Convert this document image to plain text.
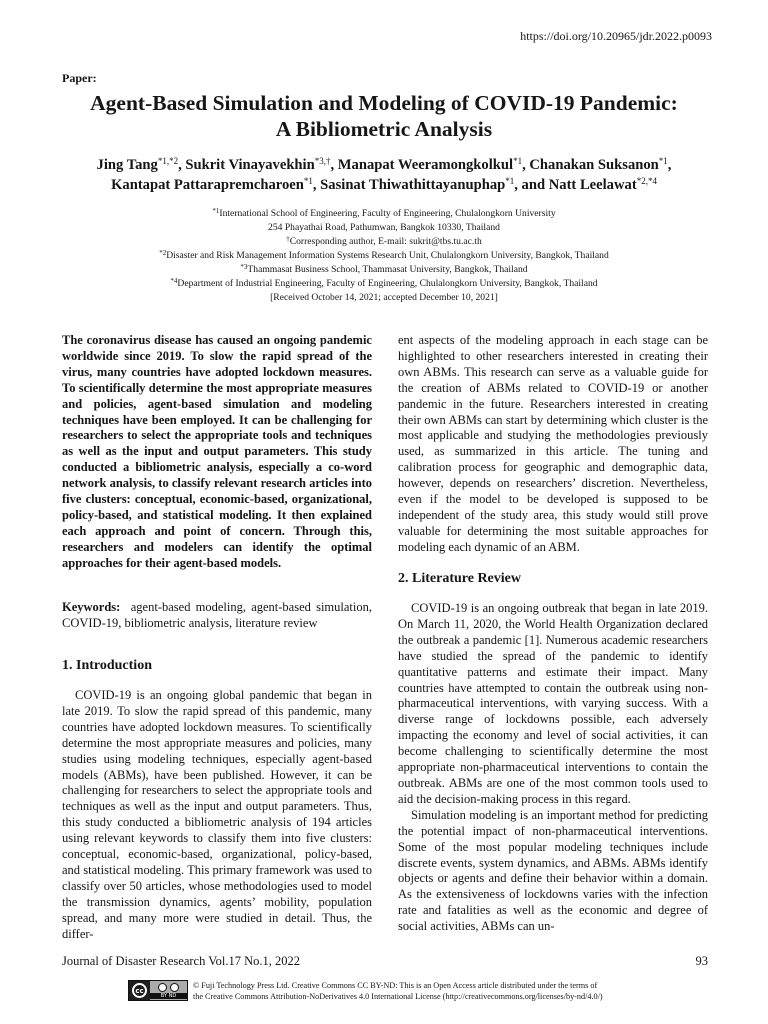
https://doi.org/10.20965/jdr.2022.p0093
Paper:
Agent-Based Simulation and Modeling of COVID-19 Pandemic:
A Bibliometric Analysis
Jing Tang$^{*1,*2}$, Sukrit Vinayavekhin$^{*3,\dagger}$, Manapat Weeramongkolkul$^{*1}$, Chanakan Suksanon$^{*1}$,
Kantapat Pattarapremcharoen$^{*1}$, Sasinat Thiwathittayanuphap$^{*1}$, and Natt Leelawat$^{*2,*4}$
$^{*1}$International School of Engineering, Faculty of Engineering, Chulalongkorn University
254 Phayathai Road, Pathumwan, Bangkok 10330, Thailand
†Corresponding author, E-mail: sukrit@tbs.tu.ac.th
$^{*2}$Disaster and Risk Management Information Systems Research Unit, Chulalongkorn University, Bangkok, Thailand
$^{*3}$Thammasat Business School, Thammasat University, Bangkok, Thailand
$^{*4}$Department of Industrial Engineering, Faculty of Engineering, Chulalongkorn University, Bangkok, Thailand
[Received October 14, 2021; accepted December 10, 2021]

The coronavirus disease has caused an ongoing pandemic worldwide since 2019. To slow the rapid spread of the virus, many countries have adopted lockdown measures. To scientifically determine the most appropriate measures and policies, agent-based simulation and modeling techniques have been employed. It can be challenging for researchers to select the appropriate tools and techniques as well as the input and output parameters. This study conducted a bibliometric analysis, especially a co-word network analysis, to classify relevant research articles into five clusters: conceptual, economic-based, organizational, policy-based, and statistical modeling. It then explained each approach and point of concern. Through this, researchers and modelers can identify the optimal approaches for their agent-based models.

Keywords: agent-based modeling, agent-based simulation, COVID-19, bibliometric analysis, literature review

1. Introduction

COVID-19 is an ongoing global pandemic that began in late 2019. To slow the rapid spread of this pandemic, many countries have adopted lockdown measures. To scientifically determine the most appropriate measures and policies, many studies using modeling techniques, especially agent-based models (ABMs), have been published. However, it can be challenging for researchers to select the appropriate tools and techniques as well as the input and output parameters. Thus, this study conducted a bibliometric analysis of 194 articles using relevant keywords to classify them into five clusters: conceptual, economic-based, organizational, policy-based, and statistical modeling. This primary framework was used to classify over 50 articles, whose methodologies used to model the transmission dynamics, agents’ mobility, population spread, and many more were studied in detail. Thus, the differ-

ent aspects of the modeling approach in each stage can be highlighted to other researchers interested in creating their own ABMs. This research can serve as a valuable guide for the creation of ABMs related to COVID-19 or another pandemic in the future. Researchers interested in creating their own ABMs can start by determining which cluster is the most applicable and studying the methodologies previously used, as summarized in this article. The tuning and calibration process for geographic and demographic data, however, depends on researchers’ discretion. Nevertheless, even if the model to be developed is supposed to be independent of the study area, this study would still prove valuable for determining the most suitable approaches for modeling each dynamic of an ABM.

2. Literature Review

COVID-19 is an ongoing outbreak that began in late 2019. On March 11, 2020, the World Health Organization declared the outbreak a pandemic [1]. Numerous academic researchers have studied the spread of the pandemic to identify quantitative patterns and estimate their impact. Many countries have attempted to contain the outbreak using non-pharmaceutical interventions, with varying success. With a diverse range of lockdowns possible, each adversely impacting the economy and level of social activities, it can become challenging to scientifically determine the most appropriate non-pharmaceutical interventions to contain the outbreak. ABMs are one of the most common tools used to aid the decision-making process in this regard.

Simulation modeling is an important method for predicting the potential impact of non-pharmaceutical interventions. Some of the most popular modeling techniques include discrete events, system dynamics, and ABMs. ABMs identify objects or agents and define their behavior within a domain. As the extensiveness of lockdowns varies with the infection rate and fatalities as well as the economic and degree of social activities, ABMs can un-

Journal of Disaster Research Vol.17 No.1, 2022	93
cc
BY ND
© Fuji Technology Press Ltd. Creative Commons CC BY-ND: This is an Open Access article distributed under the terms of
the Creative Commons Attribution-NoDerivatives 4.0 International License (http://creativecommons.org/licenses/by-nd/4.0/)
